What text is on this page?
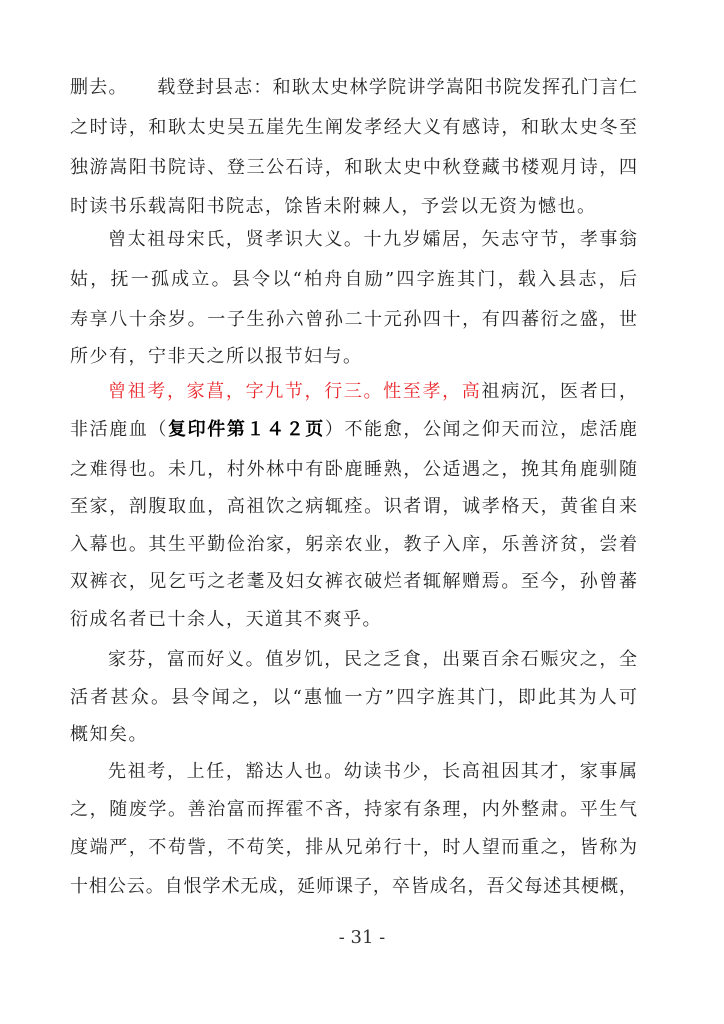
删去。　　载登封县志：和耿太史林学院讲学嵩阳书院发挥孔门言仁
之时诗，和耿太史吴五崖先生阐发孝经大义有感诗，和耿太史冬至
独游嵩阳书院诗、登三公石诗，和耿太史中秋登藏书楼观月诗，四
时读书乐载嵩阳书院志，馀皆未附棘人，予尝以无资为憾也。
曾太祖母宋氏，贤孝识大义。十九岁孀居，矢志守节，孝事翁
姑，抚一孤成立。县令以“柏舟自励”四字旌其门，载入县志，后
寿享八十余岁。一子生孙六曾孙二十元孙四十，有四蕃衍之盛，世
所少有，宁非天之所以报节妇与。
曾祖考，家菖，字九节，行三。性至孝，高祖病沉，医者曰，
非活鹿血（复印件第１４２页）不能愈，公闻之仰天而泣，虑活鹿
之难得也。未几，村外林中有卧鹿睡熟，公适遇之，挽其角鹿驯随
至家，剖腹取血，高祖饮之病辄痊。识者谓，诚孝格天，黄雀自来
入幕也。其生平勤俭治家，躬亲农业，教子入庠，乐善济贫，尝着
双裤衣，见乞丐之老耄及妇女裤衣破烂者辄解赠焉。至今，孙曾蕃
衍成名者已十余人，天道其不爽乎。
家芬，富而好义。值岁饥，民之乏食，出粟百余石赈灾之，全
活者甚众。县令闻之，以“惠恤一方”四字旌其门，即此其为人可
概知矣。
先祖考，上任，豁达人也。幼读书少，长高祖因其才，家事属
之，随废学。善治富而挥霍不吝，持家有条理，内外整肃。平生气
度端严，不苟訾，不苟笑，排从兄弟行十，时人望而重之，皆称为
十相公云。自恨学术无成，延师课子，卒皆成名，吾父每述其梗概，
- 31 -
